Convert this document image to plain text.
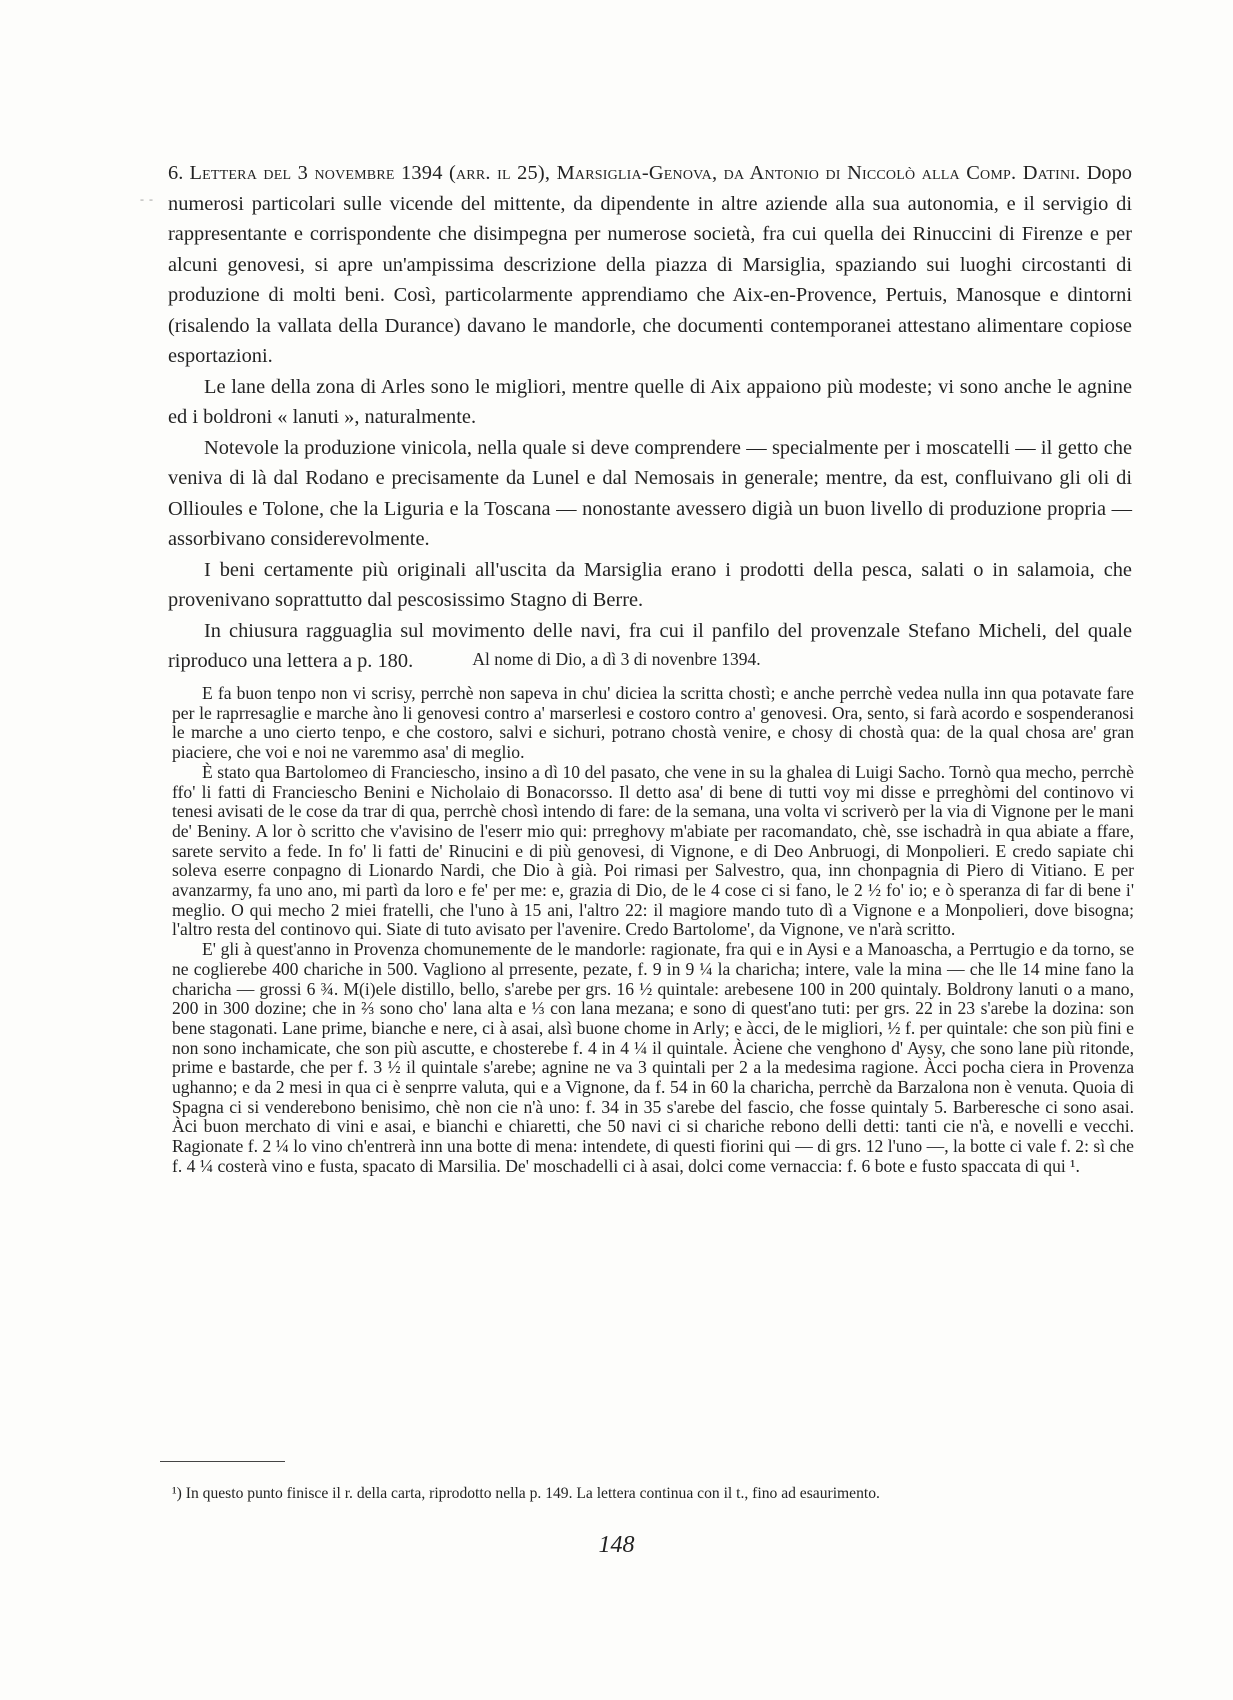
- -

6. Lettera del 3 novembre 1394 (arr. il 25), Marsiglia-Genova, da Antonio di Niccolò alla Comp. Datini. Dopo numerosi particolari sulle vicende del mittente, da dipendente in altre aziende alla sua autonomia, e il servigio di rappresentante e corrispondente che disimpegna per numerose società, fra cui quella dei Rinuccini di Firenze e per alcuni genovesi, si apre un'ampissima descrizione della piazza di Marsiglia, spaziando sui luoghi circostanti di produzione di molti beni. Così, particolarmente apprendiamo che Aix-en-Provence, Pertuis, Manosque e dintorni (risalendo la vallata della Durance) davano le mandorle, che documenti contemporanei attestano alimentare copiose esportazioni.

Le lane della zona di Arles sono le migliori, mentre quelle di Aix appaiono più modeste; vi sono anche le agnine ed i boldroni « lanuti », naturalmente.

Notevole la produzione vinicola, nella quale si deve comprendere — specialmente per i moscatelli — il getto che veniva di là dal Rodano e precisamente da Lunel e dal Nemosais in generale; mentre, da est, confluivano gli oli di Ollioules e Tolone, che la Liguria e la Toscana — nonostante avessero digià un buon livello di produzione propria — assorbivano considerevolmente.

I beni certamente più originali all'uscita da Marsiglia erano i prodotti della pesca, salati o in salamoia, che provenivano soprattutto dal pescosissimo Stagno di Berre.

In chiusura ragguaglia sul movimento delle navi, fra cui il panfilo del provenzale Stefano Micheli, del quale riproduco una lettera a p. 180.	Al nome di Dio, a dì 3 di novenbre 1394.

E fa buon tenpo non vi scrisy, perrchè non sapeva in chu' diciea la scritta chostì; e anche perrchè vedea nulla inn qua potavate fare per le raprresaglie e marche àno li genovesi contro a' marserlesi e costoro contro a' genovesi. Ora, sento, si farà acordo e sospenderanosi le marche a uno cierto tenpo, e che costoro, salvi e sichuri, potrano chostà venire, e chosy di chostà qua: de la qual chosa are' gran piaciere, che voi e noi ne varemmo asa' di meglio.

È stato qua Bartolomeo di Franciescho, insino a dì 10 del pasato, che vene in su la ghalea di Luigi Sacho. Tornò qua mecho, perrchè ffo' li fatti di Franciescho Benini e Nicholaio di Bonacorsso. Il detto asa' di bene di tutti voy mi disse e prreghòmi del continovo vi tenesi avisati de le cose da trar di qua, perrchè chosì intendo di fare: de la semana, una volta vi scriverò per la via di Vignone per le mani de' Beniny. A lor ò scritto che v'avisino de l'eserr mio qui: prreghovy m'abiate per racomandato, chè, sse ischadrà in qua abiate a ffare, sarete servito a fede. In fo' li fatti de' Rinucini e di più genovesi, di Vignone, e di Deo Anbruogi, di Monpolieri. E credo sapiate chi soleva eserre conpagno di Lionardo Nardi, che Dio à già. Poi rimasi per Salvestro, qua, inn chonpagnia di Piero di Vitiano. E per avanzarmy, fa uno ano, mi partì da loro e fe' per me: e, grazia di Dio, de le 4 cose ci si fano, le 2 ½ fo' io; e ò speranza di far di bene i' meglio. O qui mecho 2 miei fratelli, che l'uno à 15 ani, l'altro 22: il magiore mando tuto dì a Vignone e a Monpolieri, dove bisogna; l'altro resta del continovo qui. Siate di tuto avisato per l'avenire. Credo Bartolome', da Vignone, ve n'arà scritto.

E' gli à quest'anno in Provenza chomunemente de le mandorle: ragionate, fra qui e in Aysi e a Manoascha, a Perrtugio e da torno, se ne coglierebe 400 chariche in 500. Vagliono al prresente, pezate, f. 9 in 9 ¼ la charicha; intere, vale la mina — che lle 14 mine fano la charicha — grossi 6 ¾. M(i)ele distillo, bello, s'arebe per grs. 16 ½ quintale: arebesene 100 in 200 quintaly. Boldrony lanuti o a mano, 200 in 300 dozine; che in ⅔ sono cho' lana alta e ⅓ con lana mezana; e sono di quest'ano tuti: per grs. 22 in 23 s'arebe la dozina: son bene stagonati. Lane prime, bianche e nere, ci à asai, alsì buone chome in Arly; e àcci, de le migliori, ½ f. per quintale: che son più fini e non sono inchamicate, che son più ascutte, e chosterebe f. 4 in 4 ¼ il quintale. Àciene che venghono d' Aysy, che sono lane più ritonde, prime e bastarde, che per f. 3 ½ il quintale s'arebe; agnine ne va 3 quintali per 2 a la medesima ragione. Àcci pocha ciera in Provenza ughanno; e da 2 mesi in qua ci è senprre valuta, qui e a Vignone, da f. 54 in 60 la charicha, perrchè da Barzalona non è venuta. Quoia di Spagna ci si venderebono benisimo, chè non cie n'à uno: f. 34 in 35 s'arebe del fascio, che fosse quintaly 5. Barberesche ci sono asai. Àci buon merchato di vini e asai, e bianchi e chiaretti, che 50 navi ci si chariche rebono delli detti: tanti cie n'à, e novelli e vecchi. Ragionate f. 2 ¼ lo vino ch'entrerà inn una botte di mena: intendete, di questi fiorini qui — di grs. 12 l'uno —, la botte ci vale f. 2: sì che f. 4 ¼ costerà vino e fusta, spacato di Marsilia. De' moschadelli ci à asai, dolci come vernaccia: f. 6 bote e fusto spaccata di qui ¹.

¹) In questo punto finisce il r. della carta, riprodotto nella p. 149. La lettera continua con il t., fino ad esaurimento.
148
